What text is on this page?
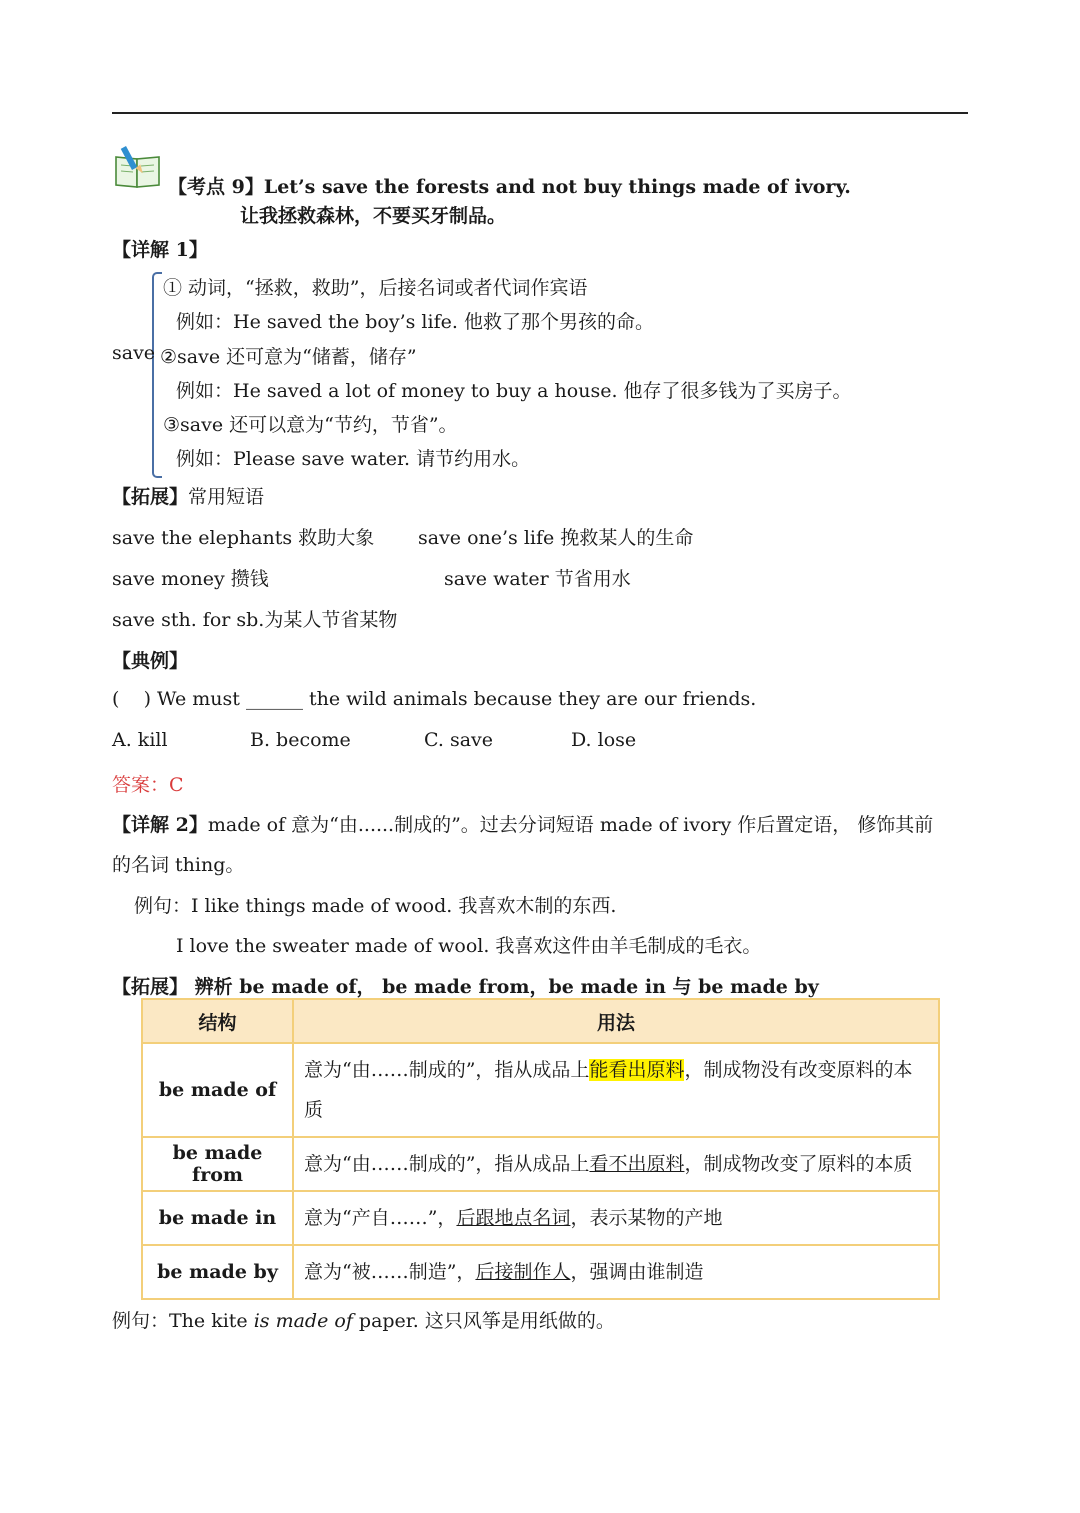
【考点 9】Let’s save the forests and not buy things made of ivory.
让我拯救森林，不要买牙制品。
【详解 1】
save
① 动词，“拯救，救助”，后接名词或者代词作宾语
例如：He saved the boy’s life. 他救了那个男孩的命。
②save 还可意为“储蓄，储存”
例如：He saved a lot of money to buy a house. 他存了很多钱为了买房子。
③save 还可以意为“节约，节省”。
例如：Please save water. 请节约用水。
【拓展】常用短语
save the elephants 救助大象 save one’s life 挽救某人的生命
save money 攒钱	save water 节省用水
save sth. for sb.为某人节省某物
【典例】
(    ) We must ______ the wild animals because they are our friends.
A. kill	B. become	C. save	D. lose
答案：C
【详解 2】made of 意为“由......制成的”。过去分词短语 made of ivory 作后置定语， 修饰其前
的名词 thing。
例句：I like things made of wood. 我喜欢木制的东西.
I love the sweater made of wool. 我喜欢这件由羊毛制成的毛衣。
【拓展】 辨析 be made of， be made from，be made in 与 be made by
结构	用法
be made of	意为“由……制成的”，指从成品上能看出原料，制成物没有改变原料的本质
be made from	意为“由……制成的”，指从成品上看不出原料，制成物改变了原料的本质
be made in	意为“产自……”，后跟地点名词，表示某物的产地
be made by	意为“被……制造”，后接制作人，强调由谁制造
例句：The kite is made of paper. 这只风筝是用纸做的。
